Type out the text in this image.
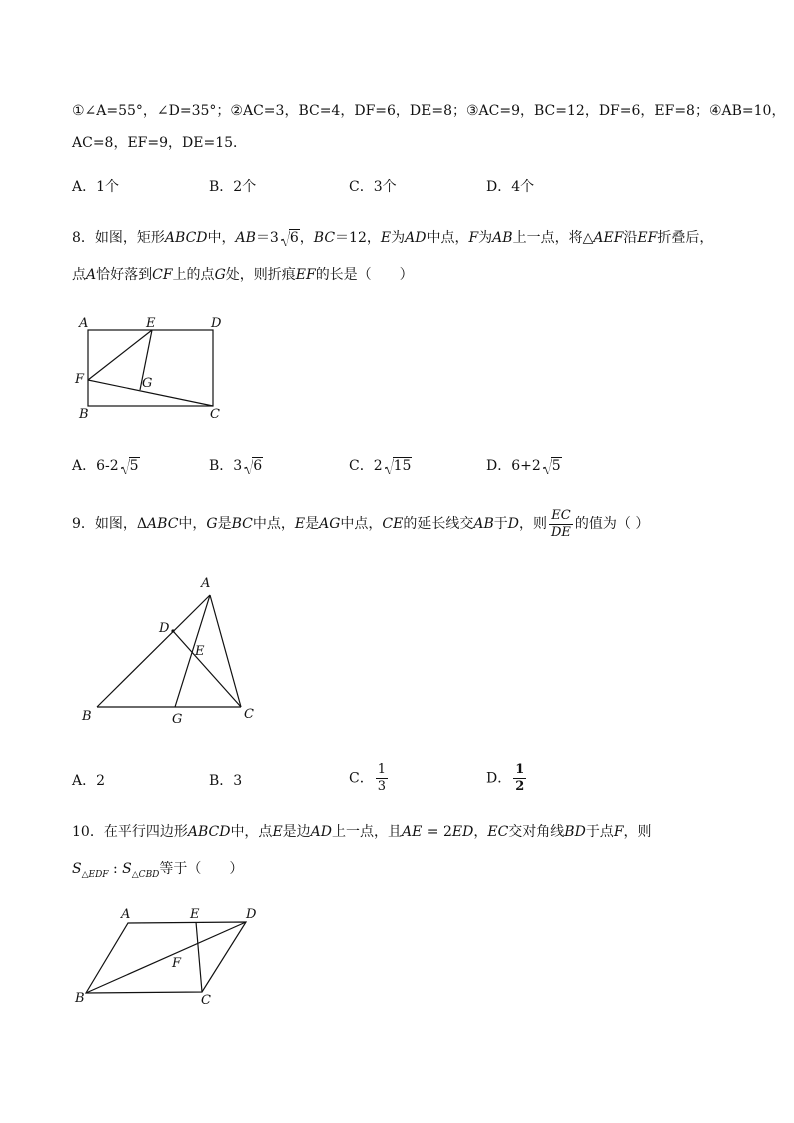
①∠A=55°，∠D=35°；②AC=3，BC=4，DF=6，DE=8；③AC=9，BC=12，DF=6，EF=8；④AB=10，
AC=8，EF=9，DE=15．
A．1个	B．2个	C．3个	D．4个
8．如图，矩形ABCD中，AB＝3 6，BC＝12，E为AD中点，F为AB上一点，将△AEF沿EF折叠后，
点A恰好落到CF上的点G处，则折痕EF的长是（　　）
A	E	D
F	G
B	C
A．6-2 5	B．3 6	C．2 15	D．6+2 5
9．如图，ΔABC中，G是BC中点，E是AG中点，CE的延长线交AB于D，则 $\frac{EC}{DE}$ 的值为（ ）
A
D
E
B	G	C
A．2	B．3	C． $\frac{1}{3}$	D． $\frac{1}{2}$
10．在平行四边形ABCD中，点E是边AD上一点，且AE = 2ED，EC交对角线BD于点F，则
$S_{\triangle EDF}$ : $S_{\triangle CBD}$等于（　　）
A	E	D
F
B	C
